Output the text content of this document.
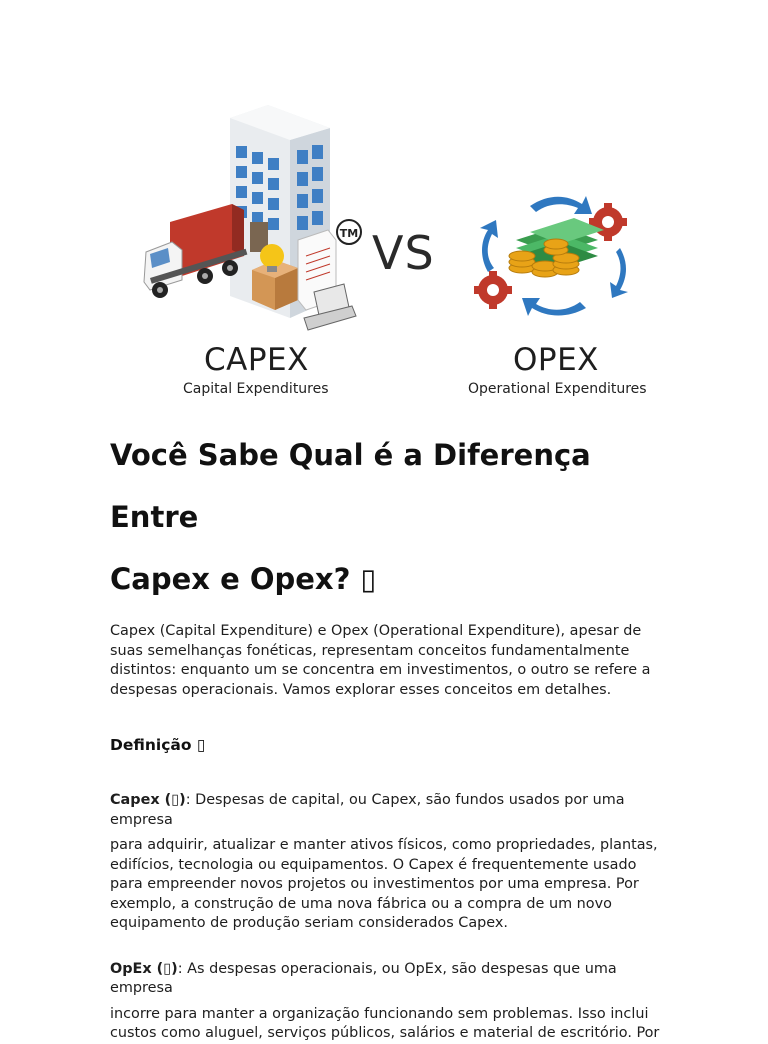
TM VS
CAPEX
Capital Expenditures
OPEX
Operational Expenditures
Você Sabe Qual é a Diferença Entre
Capex e Opex? ▯

Capex (Capital Expenditure) e Opex (Operational Expenditure), apesar de suas semelhanças fonéticas, representam conceitos fundamentalmente distintos: enquanto um se concentra em investimentos, o outro se refere a despesas operacionais. Vamos explorar esses conceitos em detalhes.

Definição ▯

Capex (▯): Despesas de capital, ou Capex, são fundos usados por uma empresa
para adquirir, atualizar e manter ativos físicos, como propriedades, plantas, edifícios, tecnologia ou equipamentos. O Capex é frequentemente usado para empreender novos projetos ou investimentos por uma empresa. Por exemplo, a construção de uma nova fábrica ou a compra de um novo equipamento de produção seriam considerados Capex.

OpEx (▯): As despesas operacionais, ou OpEx, são despesas que uma empresa
incorre para manter a organização funcionando sem problemas. Isso inclui custos como aluguel, serviços públicos, salários e material de escritório. Por
